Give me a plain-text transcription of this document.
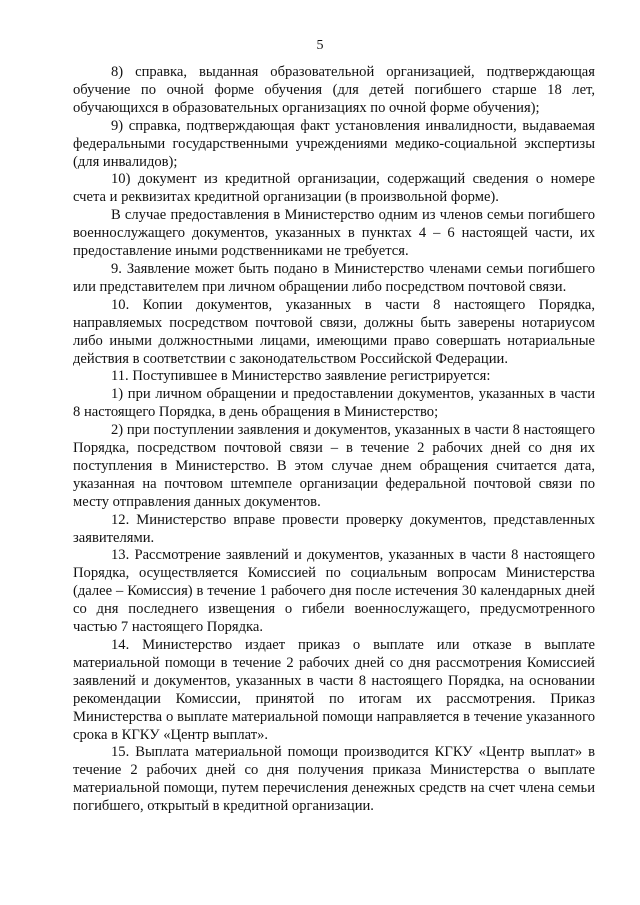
5

8) справка, выданная образовательной организацией, подтверждающая обучение по очной форме обучения (для детей погибшего старше 18 лет, обучающихся в образовательных организациях по очной форме обучения);

9) справка, подтверждающая факт установления инвалидности, выдаваемая федеральными государственными учреждениями медико-социальной экспертизы (для инвалидов);

10) документ из кредитной организации, содержащий сведения о номере счета и реквизитах кредитной организации (в произвольной форме).

В случае предоставления в Министерство одним из членов семьи погибшего военнослужащего документов, указанных в пунктах 4 – 6 настоящей части, их предоставление иными родственниками не требуется.

9. Заявление может быть подано в Министерство членами семьи погибшего или представителем при личном обращении либо посредством почтовой связи.

10. Копии документов, указанных в части 8 настоящего Порядка, направляемых посредством почтовой связи, должны быть заверены нотариусом либо иными должностными лицами, имеющими право совершать нотариальные действия в соответствии с законодательством Российской Федерации.

11. Поступившее в Министерство заявление регистрируется:

1) при личном обращении и предоставлении документов, указанных в части 8 настоящего Порядка, в день обращения в Министерство;

2) при поступлении заявления и документов, указанных в части 8 настоящего Порядка, посредством почтовой связи – в течение 2 рабочих дней со дня их поступления в Министерство. В этом случае днем обращения считается дата, указанная на почтовом штемпеле организации федеральной почтовой связи по месту отправления данных документов.

12. Министерство вправе провести проверку документов, представленных заявителями.

13. Рассмотрение заявлений и документов, указанных в части 8 настоящего Порядка, осуществляется Комиссией по социальным вопросам Министерства (далее – Комиссия) в течение 1 рабочего дня после истечения 30 календарных дней со дня последнего извещения о гибели военнослужащего, предусмотренного частью 7 настоящего Порядка.

14. Министерство издает приказ о выплате или отказе в выплате материальной помощи в течение 2 рабочих дней со дня рассмотрения Комиссией заявлений и документов, указанных в части 8 настоящего Порядка, на основании рекомендации Комиссии, принятой по итогам их рассмотрения. Приказ Министерства о выплате материальной помощи направляется в течение указанного срока в КГКУ «Центр выплат».

15. Выплата материальной помощи производится КГКУ «Центр выплат» в течение 2 рабочих дней со дня получения приказа Министерства о выплате материальной помощи, путем перечисления денежных средств на счет члена семьи погибшего, открытый в кредитной организации.
